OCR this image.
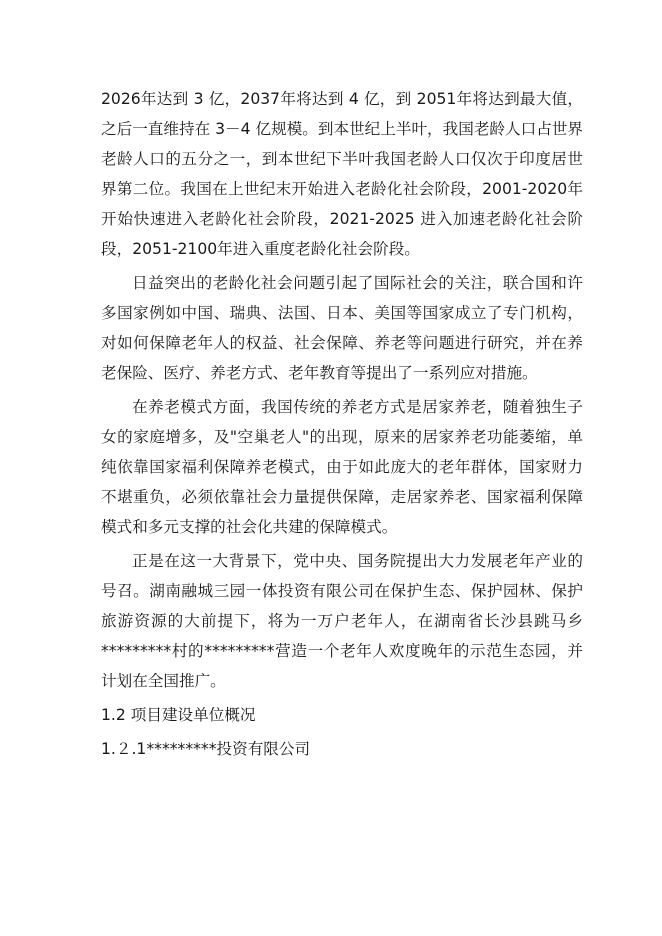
2026年达到 3 亿，2037年将达到 4 亿，到 2051年将达到最大值，之后一直维持在 3－4 亿规模。到本世纪上半叶，我国老龄人口占世界老龄人口的五分之一，到本世纪下半叶我国老龄人口仅次于印度居世界第二位。我国在上世纪末开始进入老龄化社会阶段，2001-2020年开始快速进入老龄化社会阶段，2021-2025 进入加速老龄化社会阶段，2051-2100年进入重度老龄化社会阶段。

日益突出的老龄化社会问题引起了国际社会的关注，联合国和许多国家例如中国、瑞典、法国、日本、美国等国家成立了专门机构，对如何保障老年人的权益、社会保障、养老等问题进行研究，并在养老保险、医疗、养老方式、老年教育等提出了一系列应对措施。

在养老模式方面，我国传统的养老方式是居家养老，随着独生子女的家庭增多，及"空巢老人"的出现，原来的居家养老功能萎缩，单纯依靠国家福利保障养老模式，由于如此庞大的老年群体，国家财力不堪重负，必须依靠社会力量提供保障，走居家养老、国家福利保障模式和多元支撑的社会化共建的保障模式。

正是在这一大背景下，党中央、国务院提出大力发展老年产业的号召。湖南融城三园一体投资有限公司在保护生态、保护园林、保护旅游资源的大前提下，将为一万户老年人，在湖南省长沙县跳马乡*********村的*********营造一个老年人欢度晚年的示范生态园，并计划在全国推广。

1.2 项目建设单位概况
1.２.1*********投资有限公司
